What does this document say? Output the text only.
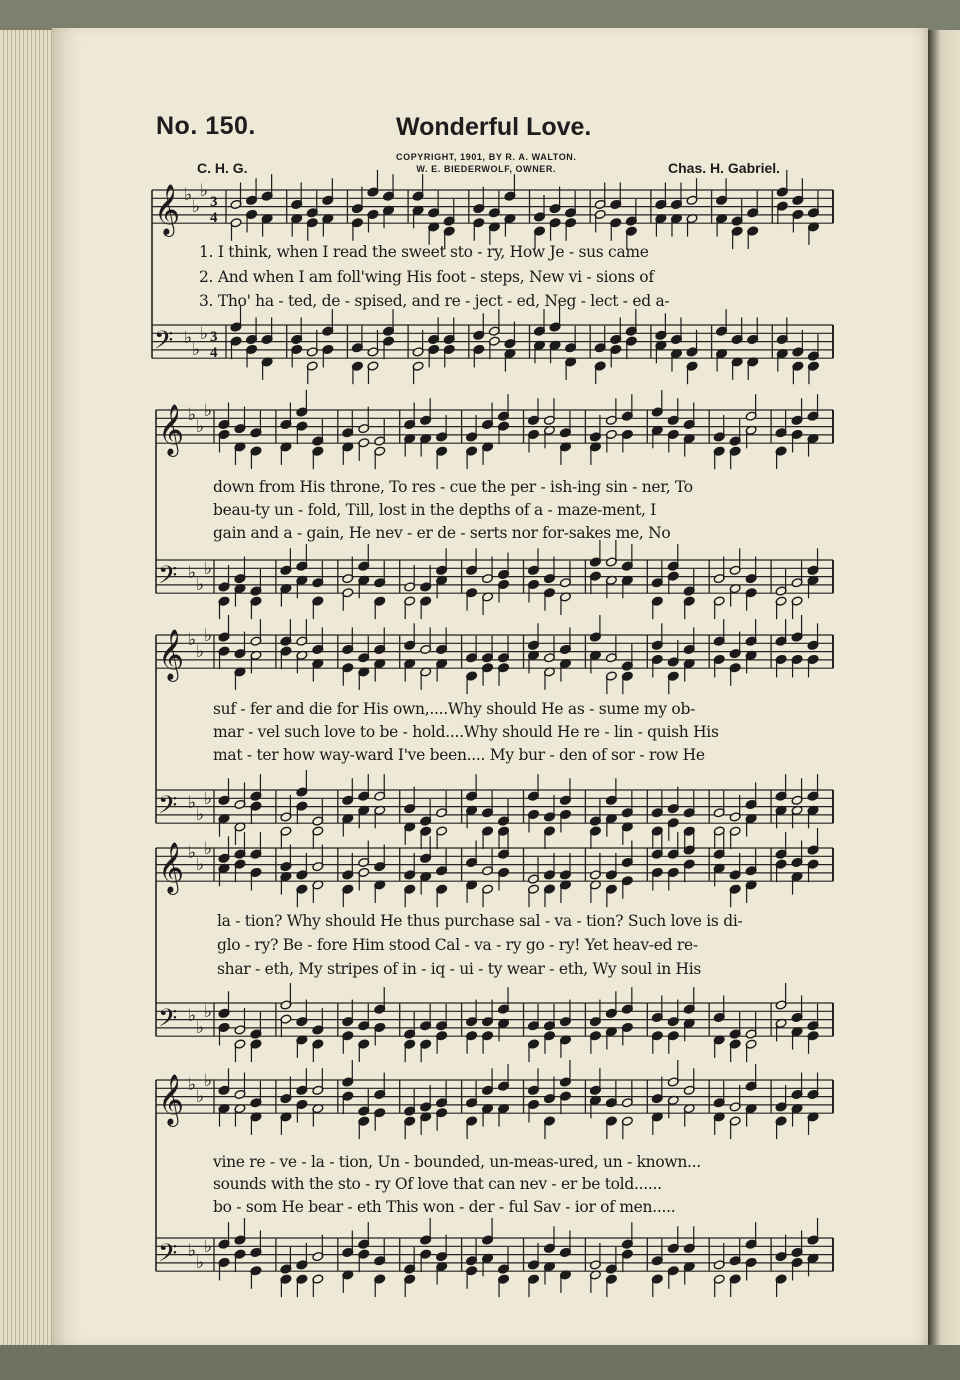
No. 150.	Wonderful Love.
COPYRIGHT, 1901, BY R. A. WALTON.
W. E. BIEDERWOLF, OWNER.
C. H. G.	Chas. H. Gabriel.
𝄞 ♭
♭
♭
3
4
𝄢 ♭
♭
♭ 3
4
𝄞 ♭
♭
♭
𝄢 ♭
♭
♭
𝄞 ♭
♭
♭
𝄢 ♭
♭
♭
𝄞 ♭
♭
♭
𝄢 ♭
♭
♭
𝄞 ♭
♭
♭
𝄢 ♭
♭
♭
1. I think, when I read the sweet sto - ry, How Je - sus came
2. And when I am foll'wing His foot - steps, New vi - sions of
3. Tho' ha - ted, de - spised, and re - ject - ed, Neg - lect - ed a-
down from His throne, To res - cue the per - ish-ing sin - ner, To
beau-ty un - fold, Till, lost in the depths of a - maze-ment, I
gain and a - gain, He nev - er de - serts nor for-sakes me, No
suf - fer and die for His own,....Why should He as - sume my ob-
mar - vel such love to be - hold....Why should He re - lin - quish His
mat - ter how way-ward I've been.... My bur - den of sor - row He
la - tion? Why should He thus purchase sal - va - tion? Such love is di-
glo - ry? Be - fore Him stood Cal - va - ry go - ry! Yet heav-ed re-
shar - eth, My stripes of in - iq - ui - ty wear - eth, Wy soul in His
vine re - ve - la - tion, Un - bounded, un-meas-ured, un - known...
sounds with the sto - ry Of love that can nev - er be told......
bo - som He bear - eth This won - der - ful Sav - ior of men.....
